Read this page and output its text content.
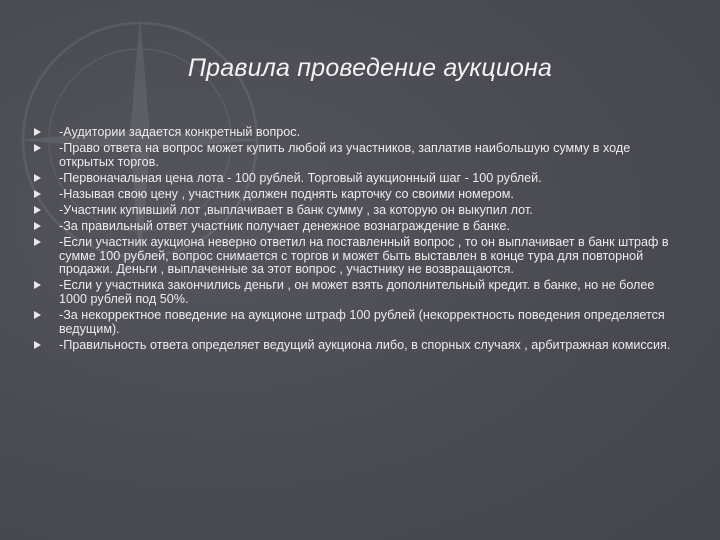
Правила проведение аукциона
-Аудитории задается конкретный вопрос.
-Право ответа на вопрос может купить любой из участников, заплатив наибольшую сумму в ходе открытых торгов.
-Первоначальная цена лота - 100 рублей. Торговый аукционный шаг - 100 рублей.
-Называя свою цену , участник должен поднять карточку со своими номером.
-Участник купивший лот ,выплачивает в банк сумму , за которую он выкупил лот.
-За правильный ответ участник получает денежное вознаграждение в банке.
-Если участник аукциона неверно ответил на поставленный вопрос , то он выплачивает в банк штраф в сумме 100 рублей, вопрос снимается с торгов и может быть выставлен в конце тура для повторной продажи. Деньги , выплаченные за этот вопрос , участнику не возвращаются.
-Если у участника закончились деньги , он может взять дополнительный кредит. в банке, но не более 1000 рублей под 50%.
-За некорректное поведение на аукционе штраф 100 рублей (некорректность поведения определяется ведущим).
-Правильность ответа определяет ведущий аукциона либо, в спорных случаях , арбитражная комиссия.
